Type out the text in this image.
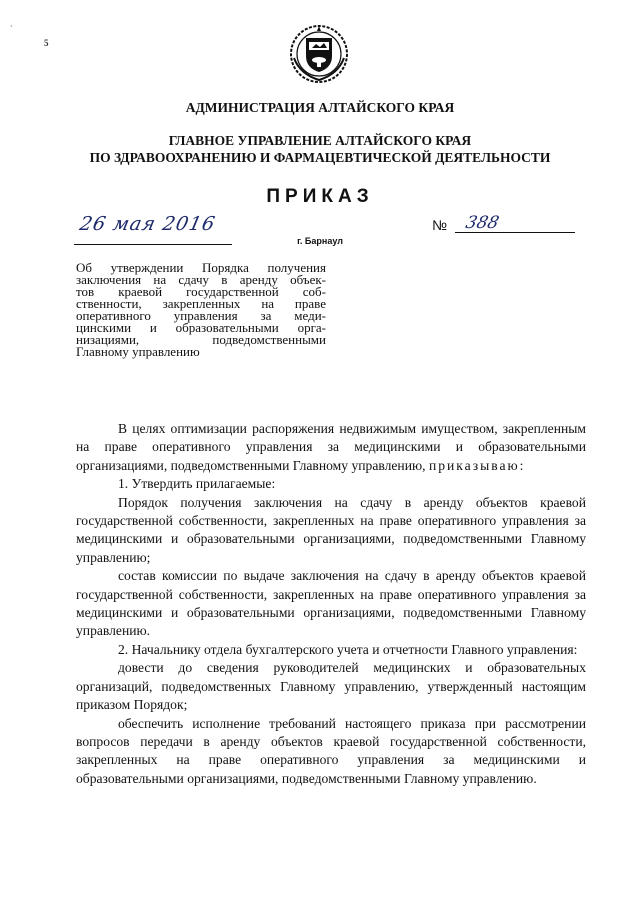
`
5
АДМИНИСТРАЦИЯ АЛТАЙСКОГО КРАЯ
ГЛАВНОЕ УПРАВЛЕНИЕ АЛТАЙСКОГО КРАЯ
ПО ЗДРАВООХРАНЕНИЮ И ФАРМАЦЕВТИЧЕСКОЙ ДЕЯТЕЛЬНОСТИ
ПРИКАЗ
26 мая 2016	№ 388
г. Барнаул
Об утверждении Порядка получения
заключения на сдачу в аренду объек-
тов краевой государственной соб-
ственности, закрепленных на праве
оперативного управления за меди-
цинскими и образовательными орга-
низациями, подведомственными
Главному управлению

В целях оптимизации распоряжения недвижимым имуществом, закрепленным на праве оперативного управления за медицинскими и образовательными организациями, подведомственными Главному управлению, приказываю:

1. Утвердить прилагаемые:

Порядок получения заключения на сдачу в аренду объектов краевой государственной собственности, закрепленных на праве оперативного управления за медицинскими и образовательными организациями, подведомственными Главному управлению;

состав комиссии по выдаче заключения на сдачу в аренду объектов краевой государственной собственности, закрепленных на праве оперативного управления за медицинскими и образовательными организациями, подведомственными Главному управлению.

2. Начальнику отдела бухгалтерского учета и отчетности Главного управления:

довести до сведения руководителей медицинских и образовательных организаций, подведомственных Главному управлению, утвержденный настоящим приказом Порядок;

обеспечить исполнение требований настоящего приказа при рассмотрении вопросов передачи в аренду объектов краевой государственной собственности, закрепленных на праве оперативного управления за медицинскими и образовательными организациями, подведомственными Главному управлению.
